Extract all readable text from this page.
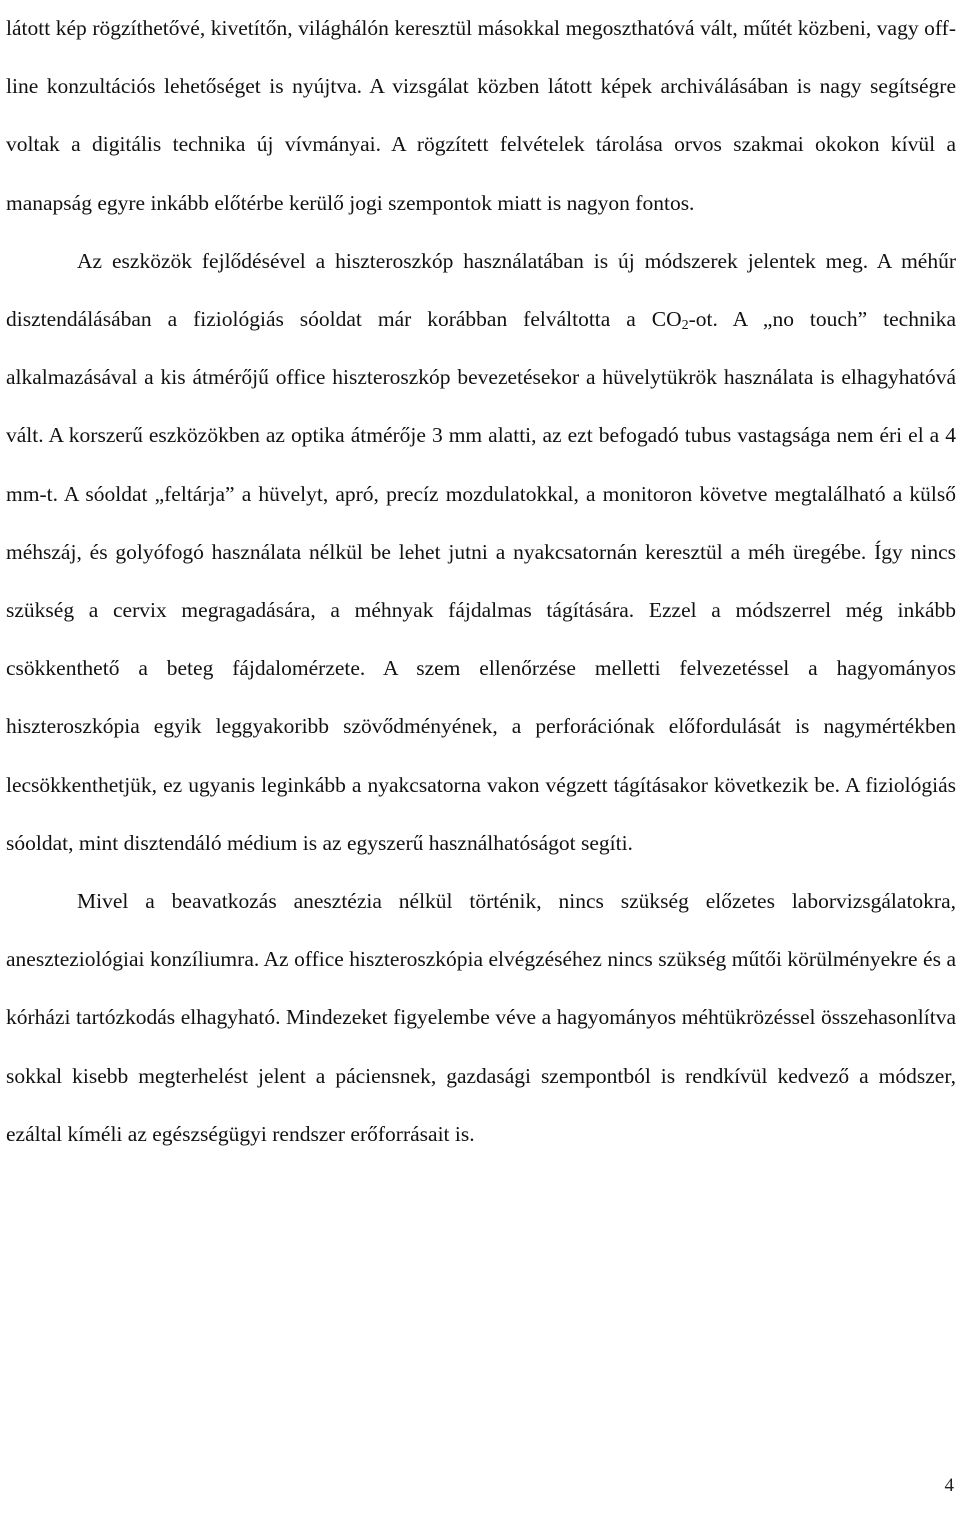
látott kép rögzíthetővé, kivetítőn, világhálón keresztül másokkal megoszthatóvá vált, műtét közbeni, vagy off-line konzultációs lehetőséget is nyújtva. A vizsgálat közben látott képek archiválásában is nagy segítségre voltak a digitális technika új vívmányai. A rögzített felvételek tárolása orvos szakmai okokon kívül a manapság egyre inkább előtérbe kerülő jogi szempontok miatt is nagyon fontos.

Az eszközök fejlődésével a hiszteroszkóp használatában is új módszerek jelentek meg. A méhűr disztendálásában a fiziológiás sóoldat már korábban felváltotta a $CO_2-ot$. A „no touch” technika alkalmazásával a kis átmérőjű office hiszteroszkóp bevezetésekor a hüvelytükrök használata is elhagyhatóvá vált. A korszerű eszközökben az optika átmérője 3 mm alatti, az ezt befogadó tubus vastagsága nem éri el a 4 mm-t. A sóoldat „feltárja” a hüvelyt, apró, precíz mozdulatokkal, a monitoron követve megtalálható a külső méhszáj, és golyófogó használata nélkül be lehet jutni a nyakcsatornán keresztül a méh üregébe. Így nincs szükség a cervix megragadására, a méhnyak fájdalmas tágítására. Ezzel a módszerrel még inkább csökkenthető a beteg fájdalomérzete. A szem ellenőrzése melletti felvezetéssel a hagyományos hiszteroszkópia egyik leggyakoribb szövődményének, a perforációnak előfordulását is nagymértékben lecsökkenthetjük, ez ugyanis leginkább a nyakcsatorna vakon végzett tágításakor következik be. A fiziológiás sóoldat, mint disztendáló médium is az egyszerű használhatóságot segíti.

Mivel a beavatkozás anesztézia nélkül történik, nincs szükség előzetes laborvizsgálatokra, aneszteziológiai konzíliumra. Az office hiszteroszkópia elvégzéséhez nincs szükség műtői körülményekre és a kórházi tartózkodás elhagyható. Mindezeket figyelembe véve a hagyományos méhtükrözéssel összehasonlítva sokkal kisebb megterhelést jelent a páciensnek, gazdasági szempontból is rendkívül kedvező a módszer, ezáltal kíméli az egészségügyi rendszer erőforrásait is.

4
